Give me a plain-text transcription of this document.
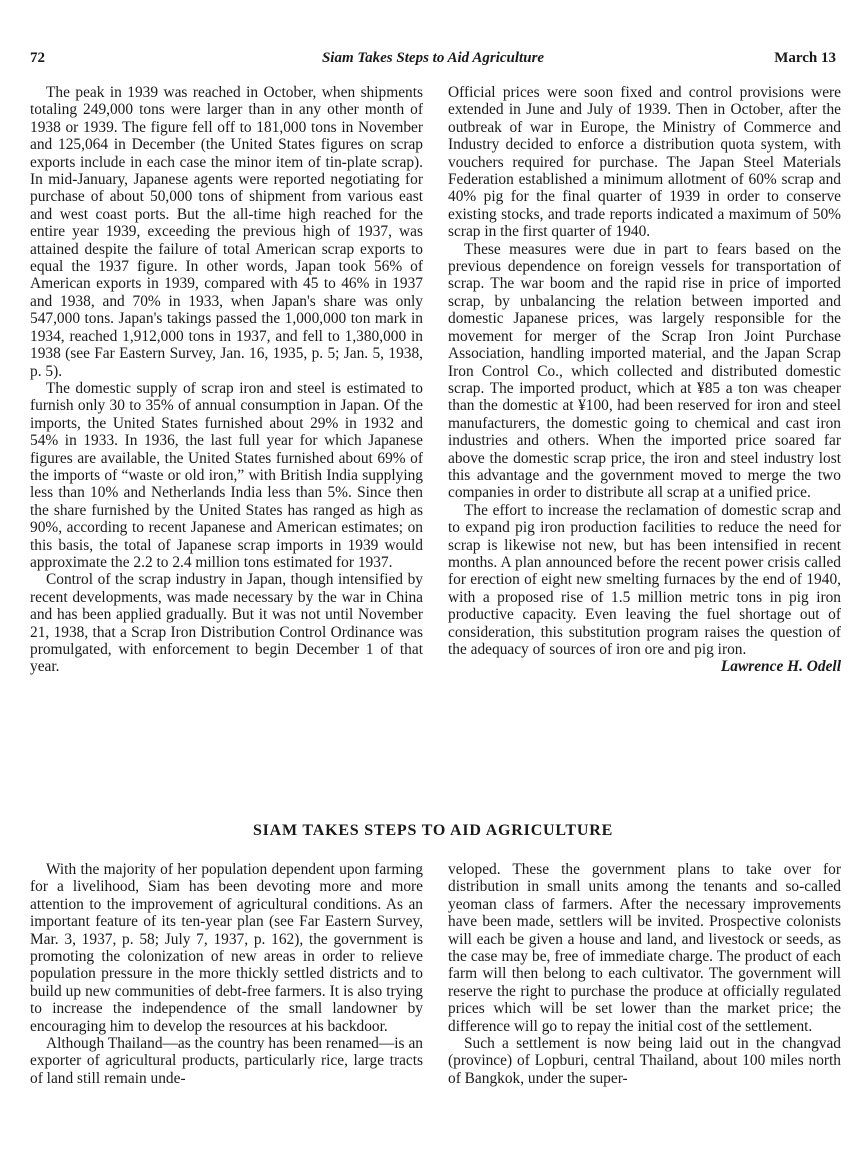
72	Siam Takes Steps to Aid Agriculture	March 13

The peak in 1939 was reached in October, when shipments totaling 249,000 tons were larger than in any other month of 1938 or 1939. The figure fell off to 181,000 tons in November and 125,064 in December (the United States figures on scrap exports include in each case the minor item of tin-plate scrap). In mid-January, Japanese agents were reported negotiating for purchase of about 50,000 tons of shipment from various east and west coast ports. But the all-time high reached for the entire year 1939, exceeding the previous high of 1937, was attained despite the failure of total American scrap exports to equal the 1937 figure. In other words, Japan took 56% of American exports in 1939, compared with 45 to 46% in 1937 and 1938, and 70% in 1933, when Japan's share was only 547,000 tons. Japan's takings passed the 1,000,000 ton mark in 1934, reached 1,912,000 tons in 1937, and fell to 1,380,000 in 1938 (see Far Eastern Survey, Jan. 16, 1935, p. 5; Jan. 5, 1938, p. 5).

The domestic supply of scrap iron and steel is estimated to furnish only 30 to 35% of annual consumption in Japan. Of the imports, the United States furnished about 29% in 1932 and 54% in 1933. In 1936, the last full year for which Japanese figures are available, the United States furnished about 69% of the imports of “waste or old iron,” with British India supplying less than 10% and Netherlands India less than 5%. Since then the share furnished by the United States has ranged as high as 90%, according to recent Japanese and American estimates; on this basis, the total of Japanese scrap imports in 1939 would approximate the 2.2 to 2.4 million tons estimated for 1937.

Control of the scrap industry in Japan, though intensified by recent developments, was made necessary by the war in China and has been applied gradually. But it was not until November 21, 1938, that a Scrap Iron Distribution Control Ordinance was promulgated, with enforcement to begin December 1 of that year.

Official prices were soon fixed and control provisions were extended in June and July of 1939. Then in October, after the outbreak of war in Europe, the Ministry of Commerce and Industry decided to enforce a distribution quota system, with vouchers required for purchase. The Japan Steel Materials Federation established a minimum allotment of 60% scrap and 40% pig for the final quarter of 1939 in order to conserve existing stocks, and trade reports indicated a maximum of 50% scrap in the first quarter of 1940.

These measures were due in part to fears based on the previous dependence on foreign vessels for transportation of scrap. The war boom and the rapid rise in price of imported scrap, by unbalancing the relation between imported and domestic Japanese prices, was largely responsible for the movement for merger of the Scrap Iron Joint Purchase Association, handling imported material, and the Japan Scrap Iron Control Co., which collected and distributed domestic scrap. The imported product, which at ¥85 a ton was cheaper than the domestic at ¥100, had been reserved for iron and steel manufacturers, the domestic going to chemical and cast iron industries and others. When the imported price soared far above the domestic scrap price, the iron and steel industry lost this advantage and the government moved to merge the two companies in order to distribute all scrap at a unified price.

The effort to increase the reclamation of domestic scrap and to expand pig iron production facilities to reduce the need for scrap is likewise not new, but has been intensified in recent months. A plan announced before the recent power crisis called for erection of eight new smelting furnaces by the end of 1940, with a proposed rise of 1.5 million metric tons in pig iron productive capacity. Even leaving the fuel shortage out of consideration, this substitution program raises the question of the adequacy of sources of iron ore and pig iron.
Lawrence H. Odell

SIAM TAKES STEPS TO AID AGRICULTURE

With the majority of her population dependent upon farming for a livelihood, Siam has been devoting more and more attention to the improvement of agricultural conditions. As an important feature of its ten-year plan (see Far Eastern Survey, Mar. 3, 1937, p. 58; July 7, 1937, p. 162), the government is promoting the colonization of new areas in order to relieve population pressure in the more thickly settled districts and to build up new communities of debt-free farmers. It is also trying to increase the independence of the small landowner by encouraging him to develop the resources at his backdoor.

Although Thailand—as the country has been renamed—is an exporter of agricultural products, particularly rice, large tracts of land still remain unde-

veloped. These the government plans to take over for distribution in small units among the tenants and so-called yeoman class of farmers. After the necessary improvements have been made, settlers will be invited. Prospective colonists will each be given a house and land, and livestock or seeds, as the case may be, free of immediate charge. The product of each farm will then belong to each cultivator. The government will reserve the right to purchase the produce at officially regulated prices which will be set lower than the market price; the difference will go to repay the initial cost of the settlement.

Such a settlement is now being laid out in the changvad (province) of Lopburi, central Thailand, about 100 miles north of Bangkok, under the super-
